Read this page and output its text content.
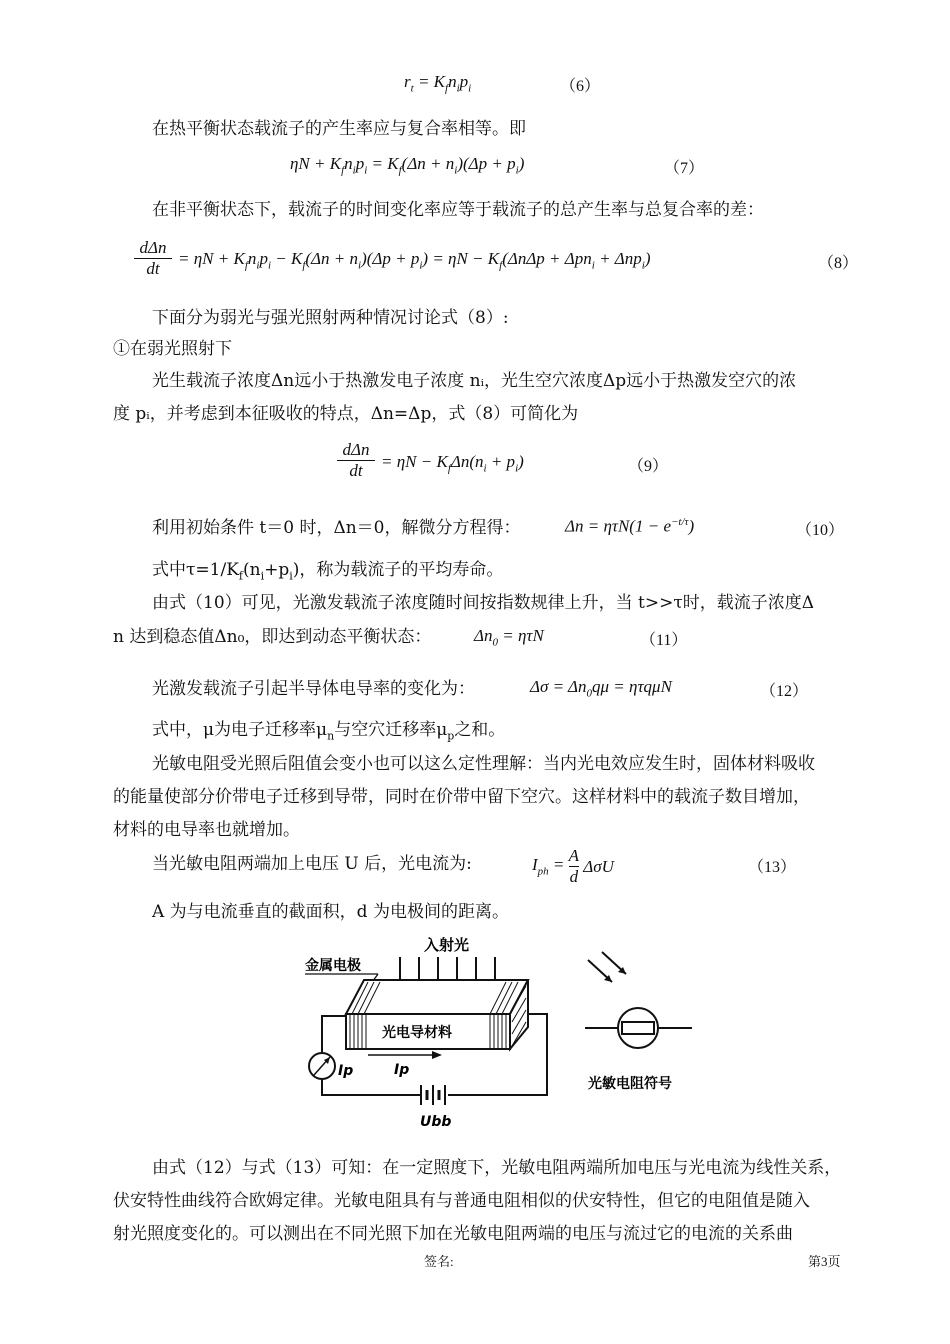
$r_t = K_fn_ip_i$	（6）
在热平衡状态载流子的产生率应与复合率相等。即
$\eta N + K_fn_ip_i = K_f(\Delta n + n_i)(\Delta p + p_i)$	（7）
在非平衡状态下，载流子的时间变化率应等于载流子的总产生率与总复合率的差：
dΔn
dt
= $\eta N + K_fn_ip_i - K_f(\Delta n + n_i)(\Delta p + p_i) = \eta N - K_f(\Delta n\Delta p + \Delta pn_i + \Delta np_i)$	（8）
下面分为弱光与强光照射两种情况讨论式（8）:
①在弱光照射下
光生载流子浓度Δn远小于热激发电子浓度 nᵢ，光生空穴浓度Δp远小于热激发空穴的浓
度 pᵢ，并考虑到本征吸收的特点，Δn=Δp，式（8）可简化为
dΔn
dt	= $\eta N - K_f\Delta n(n_i + p_i)$	（9）
利用初始条件 t＝0 时，Δn＝0，解微分方程得：	$\Delta n = \eta\tau N(1 - e^{-t/\tau})$	（10）
式中$\tau=1/K_f(n_i+p_i)$，称为载流子的平均寿命。
由式（10）可见，光激发载流子浓度随时间按指数规律上升，当 t>>τ时，载流子浓度Δ
n 达到稳态值Δn₀，即达到动态平衡状态：	$\Delta n_0 = \eta\tau N$	（11）
光激发载流子引起半导体电导率的变化为：	$\Delta\sigma = \Delta n_0q\mu = \eta\tau q\mu N$	（12）
式中，μ为电子迁移率$\mu_n$与空穴迁移率$\mu_p$之和。
光敏电阻受光照后阻值会变小也可以这么定性理解：当内光电效应发生时，固体材料吸收
的能量使部分价带电子迁移到导带，同时在价带中留下空穴。这样材料中的载流子数目增加，
材料的电导率也就增加。
当光敏电阻两端加上电压 U 后，光电流为:	$I_{ph} = \frac{A}{d}$ ΔσU	（13）
A 为与电流垂直的截面积，d 为电极间的距离。
入射光
金属电极
光电导材料
Ip	Ip
Ubb
光敏电阻符号
由式（12）与式（13）可知：在一定照度下，光敏电阻两端所加电压与光电流为线性关系，
伏安特性曲线符合欧姆定律。光敏电阻具有与普通电阻相似的伏安特性，但它的电阻值是随入
射光照度变化的。可以测出在不同光照下加在光敏电阻两端的电压与流过它的电流的关系曲
签名:	第3页
